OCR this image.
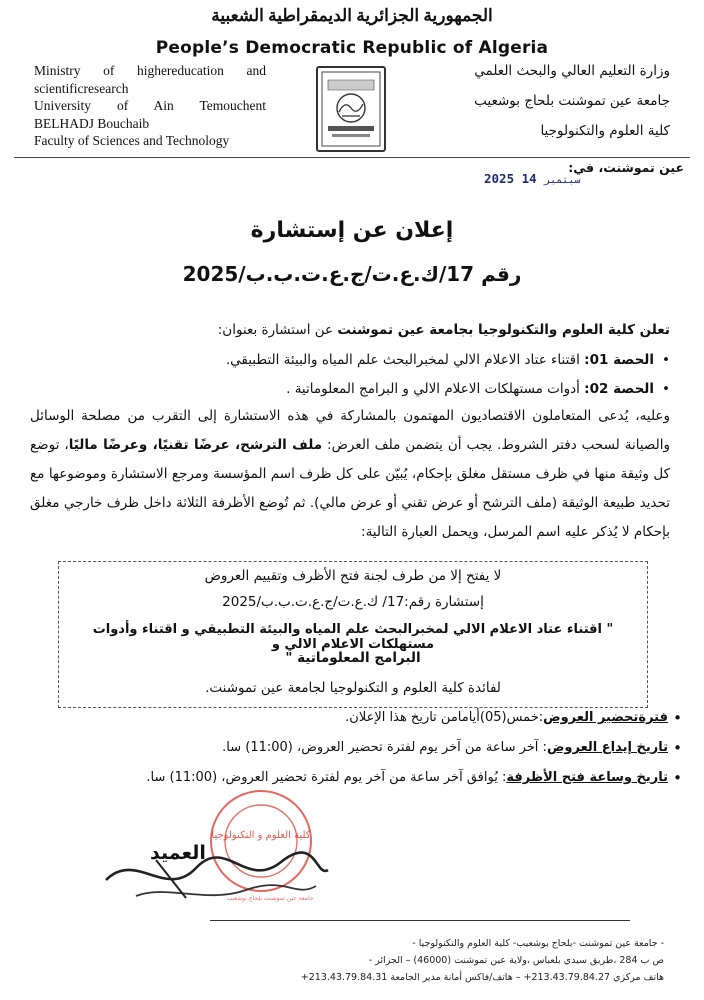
الجمهورية الجزائرية الديمقراطية الشعبية
People’s Democratic Republic of Algeria
Ministry of highereducation and
scientificresearch
University of Ain Temouchent
BELHADJ Bouchaib
Faculty of Sciences and Technology
وزارة التعليم العالي والبحث العلمي
جامعة عين تموشنت بلحاج بوشعيب
كلية العلوم والتكنولوجيا
عين تموشنت، في:
2025	سبتمبر 14
إعلان عن إستشارة
رقم 17/ك.ع.ت/ج.ع.ت.ب.ب/2025
تعلن كلية العلوم والتكنولوجيا بجامعة عين تموشنت عن استشارة بعنوان:
• الحصة 01: اقتناء عتاد الاعلام الالي لمخبرالبحث علم المياه والبيئة التطبيقي.
• الحصة 02: أدوات مستهلكات الاعلام الالي و البرامج المعلوماتية .
وعليه، يُدعى المتعاملون الاقتصاديون المهتمون بالمشاركة في هذه الاستشارة إلى التقرب من مصلحة الوسائل والصيانة لسحب دفتر الشروط. يجب أن يتضمن ملف العرض: ملف الترشح، عرضًا تقنيًا، وعرضًا ماليًا، توضع كل وثيقة منها في ظرف مستقل مغلق بإحكام، يُبيّن على كل ظرف اسم المؤسسة ومرجع الاستشارة وموضوعها مع تحديد طبيعة الوثيقة (ملف الترشح أو عرض تقني أو عرض مالي). ثم تُوضع الأظرفة الثلاثة داخل ظرف خارجي مغلق بإحكام لا يُذكر عليه اسم المرسل، ويحمل العبارة التالية:
لا يفتح إلا من طرف لجنة فتح الأظرف وتقييم العروض
إستشارة رقم:17/ ك.ع.ت/ج.ع.ت.ب.ب/2025
" اقتناء عتاد الاعلام الالي لمخبرالبحث علم المياه والبيئة التطبيقي و اقتناء وأدوات مستهلكات الاعلام الالي و
البرامج المعلوماتية "
لفائدة كلية العلوم و التكنولوجيا لجامعة عين تموشنت.
• فترةتحضير العروض:خمس(05)أيامامن تاريخ هذا الإعلان.
• تاريخ إيداع العروض: آخر ساعة من آخر يوم لفترة تحضير العروض، (11:00) سا.
• تاريخ وساعة فتح الأظرفة: يُوافق آخر ساعة من آخر يوم لفترة تحضير العروض، (11:00) سا.
كلية العلوم و التكنولوجيا
جامعة عين تموشنت بلحاج بوشعيب
العميد
- جامعة عين تموشنت -بلحاج بوشعيب- كلية العلوم والتكنولوجيا -
ص ب 284 ،طريق سيدي بلعباس ،ولاية عين تموشنت (46000) – الجزائر -
هاتف مركزي 213.43.79.84.27+ – هاتف/فاكس أمانة مدير الجامعة 213.43.79.84.31+
